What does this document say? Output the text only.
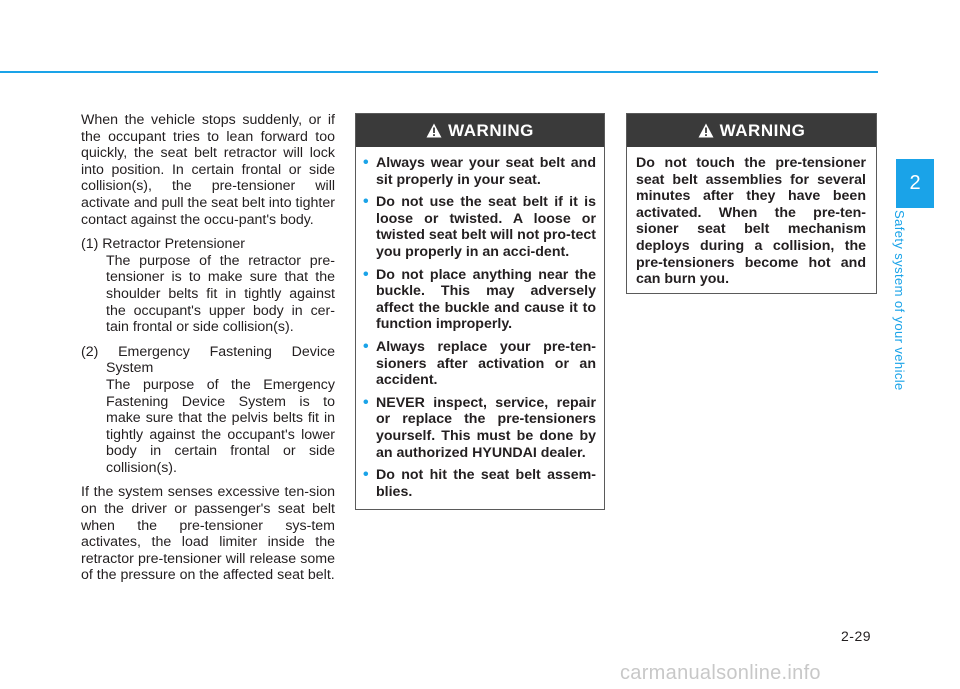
When the vehicle stops suddenly, or if the occupant tries to lean forward too quickly, the seat belt retractor will lock into position. In certain frontal or side collision(s), the pre-tensioner will activate and pull the seat belt into tighter contact against the occu-pant's body.

(1) Retractor Pretensioner

The purpose of the retractor pre-tensioner is to make sure that the shoulder belts fit in tightly against the occupant's upper body in cer-tain frontal or side collision(s).

(2) Emergency Fastening Device System

The purpose of the Emergency Fastening Device System is to make sure that the pelvis belts fit in tightly against the occupant's lower body in certain frontal or side collision(s).

If the system senses excessive ten-sion on the driver or passenger's seat belt when the pre-tensioner sys-tem activates, the load limiter inside the retractor pre-tensioner will release some of the pressure on the affected seat belt.

WARNING
• Always wear your seat belt and sit properly in your seat.
• Do not use the seat belt if it is loose or twisted. A loose or twisted seat belt will not pro-tect you properly in an acci-dent.
• Do not place anything near the buckle. This may adversely affect the buckle and cause it to function improperly.
• Always replace your pre-ten-sioners after activation or an accident.
• NEVER inspect, service, repair or replace the pre-tensioners yourself. This must be done by an authorized HYUNDAI dealer.
• Do not hit the seat belt assem-blies.
WARNING

Do not touch the pre-tensioner seat belt assemblies for several minutes after they have been activated. When the pre-ten-sioner seat belt mechanism deploys during a collision, the pre-tensioners become hot and can burn you.

2
Safety system of your vehicle
2-29
carmanualsonline.info
